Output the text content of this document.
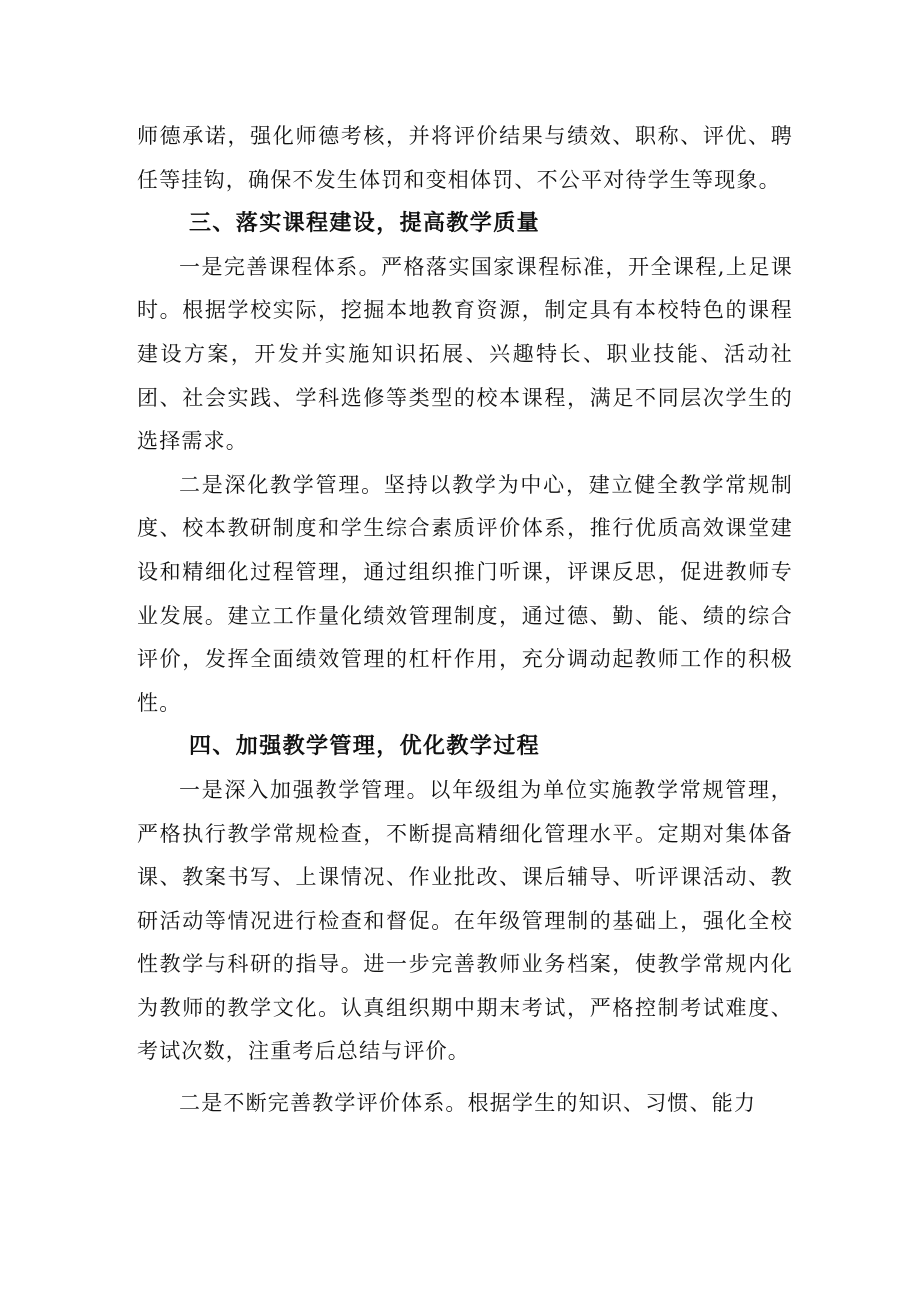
师德承诺，强化师德考核，并将评价结果与绩效、职称、评优、聘任等挂钩，确保不发生体罚和变相体罚、不公平对待学生等现象。

三、落实课程建设，提高教学质量

一是完善课程体系。严格落实国家课程标准，开全课程,上足课时。根据学校实际，挖掘本地教育资源，制定具有本校特色的课程建设方案，开发并实施知识拓展、兴趣特长、职业技能、活动社团、社会实践、学科选修等类型的校本课程，满足不同层次学生的选择需求。

二是深化教学管理。坚持以教学为中心，建立健全教学常规制度、校本教研制度和学生综合素质评价体系，推行优质高效课堂建设和精细化过程管理，通过组织推门听课，评课反思，促进教师专业发展。建立工作量化绩效管理制度，通过德、勤、能、绩的综合评价，发挥全面绩效管理的杠杆作用，充分调动起教师工作的积极性。

四、加强教学管理，优化教学过程

一是深入加强教学管理。以年级组为单位实施教学常规管理，严格执行教学常规检查，不断提高精细化管理水平。定期对集体备课、教案书写、上课情况、作业批改、课后辅导、听评课活动、教研活动等情况进行检查和督促。在年级管理制的基础上，强化全校性教学与科研的指导。进一步完善教师业务档案，使教学常规内化为教师的教学文化。认真组织期中期末考试，严格控制考试难度、考试次数，注重考后总结与评价。

二是不断完善教学评价体系。根据学生的知识、习惯、能力
